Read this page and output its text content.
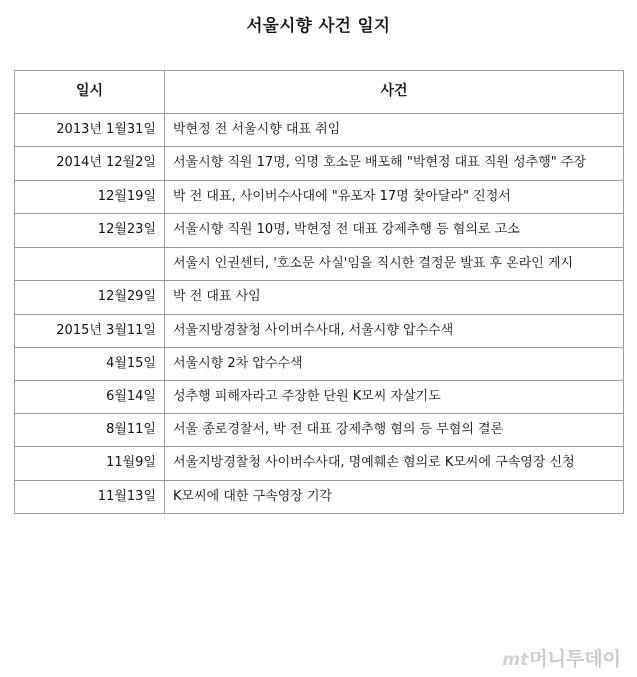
서울시향 사건 일지
일시	사건
2013년 1월31일	박현정 전 서울시향 대표 취임
2014년 12월2일	서울시향 직원 17명, 익명 호소문 배포해 "박현정 대표 직원 성추행" 주장
12월19일	박 전 대표, 사이버수사대에 "유포자 17명 찾아달라" 진정서
12월23일	서울시향 직원 10명, 박현정 전 대표 강제추행 등 혐의로 고소
	서울시 인권센터, '호소문 사실'임을 직시한 결정문 발표 후 온라인 게시
12월29일	박 전 대표 사임
2015년 3월11일	서울지방경찰청 사이버수사대, 서울시향 압수수색
4월15일	서울시향 2차 압수수색
6월14일	성추행 피해자라고 주장한 단원 K모씨 자살기도
8월11일	서울 종로경찰서, 박 전 대표 강제추행 혐의 등 무혐의 결론
11월9일	서울지방경찰청 사이버수사대, 명예훼손 혐의로 K모씨에 구속영장 신청
11월13일	K모씨에 대한 구속영장 기각
mt머니투데이
